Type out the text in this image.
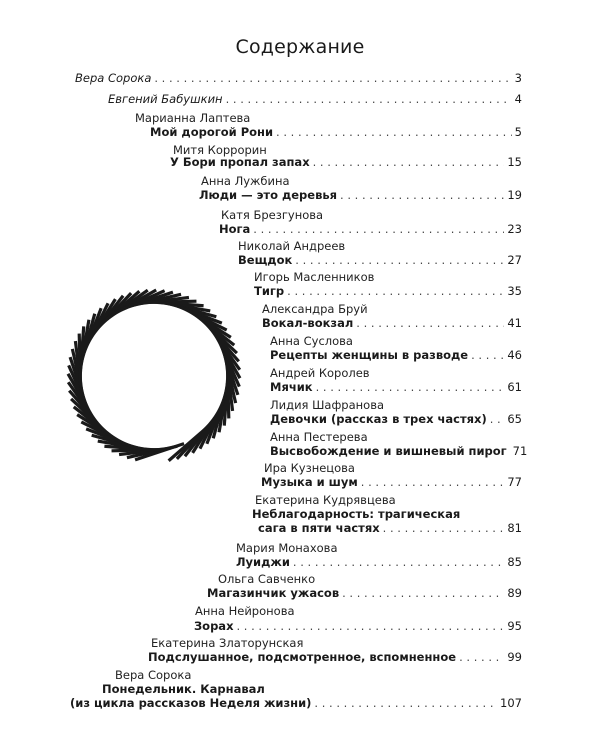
Содержание
Вера Сорока . . .	3
Евгений Бабушкин . . .	4
Марианна Лаптева
Мой дорогой Рони . . .	5
Митя Коррорин
У Бори пропал запах . . .	15
Анна Лужбина
Люди — это деревья . . .	19
Катя Брезгунова
Нога . . .	23
Николай Андреев
Вещдок . . .	27
Игорь Масленников
Тигр . . .	35
Александра Бруй
Вокал-вокзал . . .	41
Анна Суслова
Рецепты женщины в разводе . . .	46
Андрей Королев
Мячик . . .	61
Лидия Шафранова
Девочки (рассказ в трех частях) . . . 65
Анна Пестерева
Высвобождение и вишневый пирог 71
Ира Кузнецова
Музыка и шум . . .	77
Екатерина Кудрявцева
Неблагодарность: трагическая
сага в пяти частях . . .	81
Мария Монахова
Луиджи . . .	85
Ольга Савченко
Магазинчик ужасов . . .	89
Анна Нейронова
Зорах . . .	95
Екатерина Златорунская
Подслушанное, подсмотренное, вспомненное . . .	99
Вера Сорока
Понедельник. Карнавал
(из цикла рассказов Неделя жизни) . . .	107
